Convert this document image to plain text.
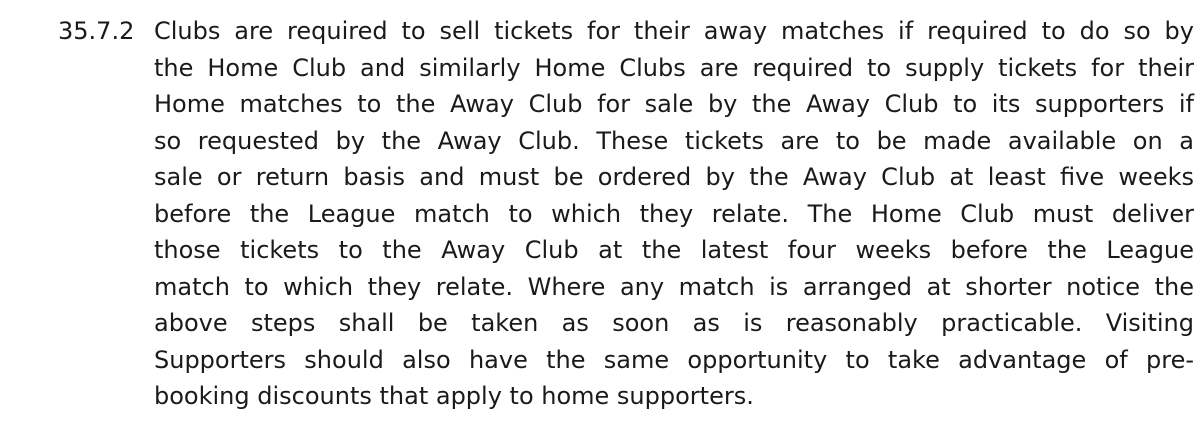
35.7.2 Clubs are required to sell tickets for their away matches if required to do so by
the Home Club and similarly Home Clubs are required to supply tickets for their
Home matches to the Away Club for sale by the Away Club to its supporters if
so requested by the Away Club. These tickets are to be made available on a
sale or return basis and must be ordered by the Away Club at least five weeks
before the League match to which they relate. The Home Club must deliver
those tickets to the Away Club at the latest four weeks before the League
match to which they relate. Where any match is arranged at shorter notice the
above steps shall be taken as soon as is reasonably practicable. Visiting
Supporters should also have the same opportunity to take advantage of pre-
booking discounts that apply to home supporters.
